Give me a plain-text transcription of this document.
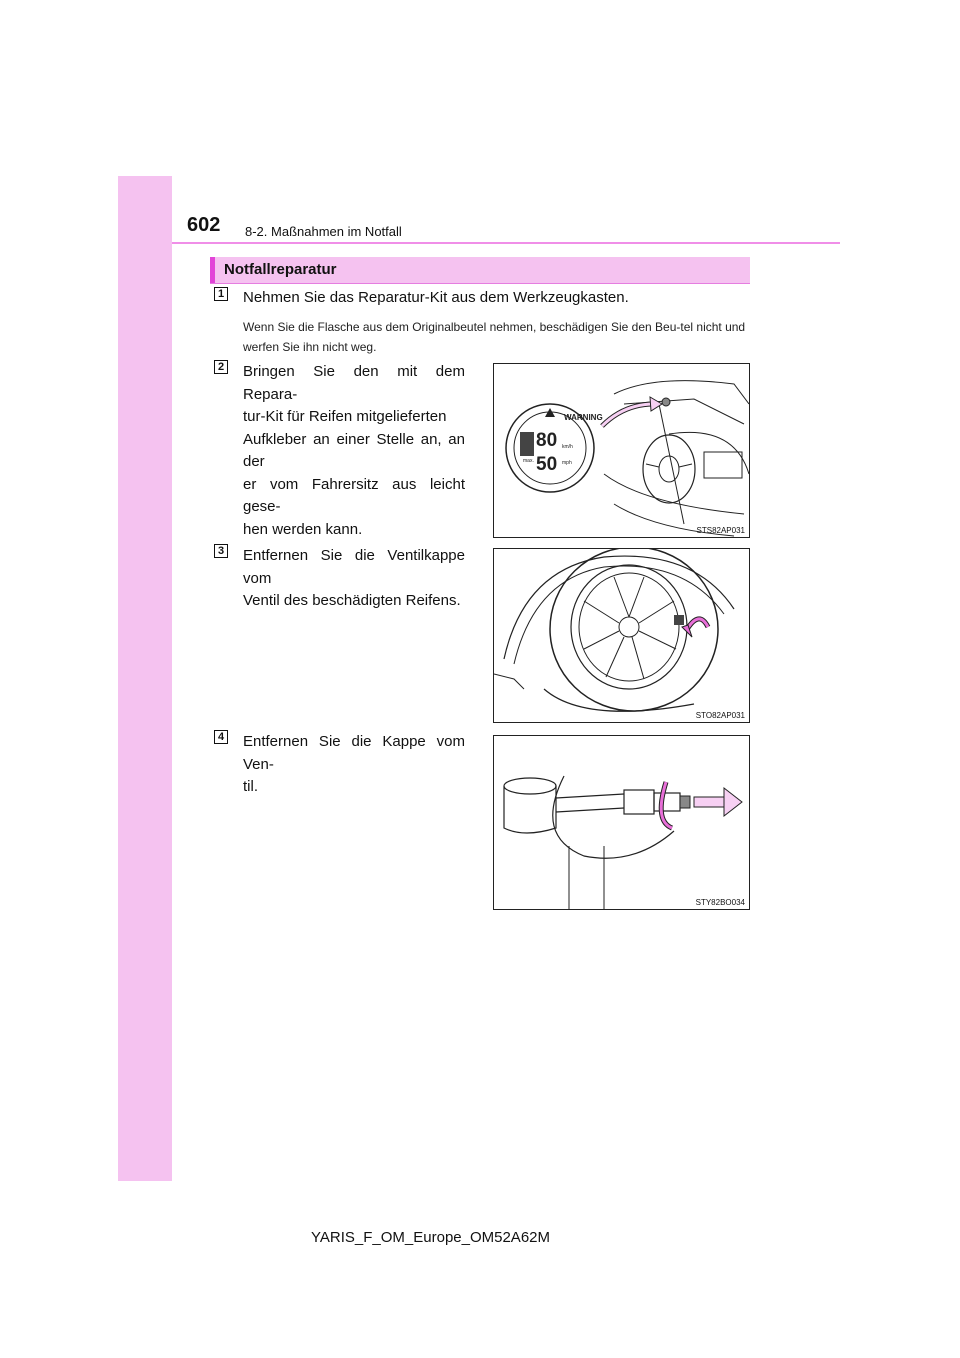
602 8-2. Maßnahmen im Notfall
Notfallreparatur
1 Nehmen Sie das Reparatur-Kit aus dem Werkzeugkasten.
Wenn Sie die Flasche aus dem Originalbeutel nehmen, beschädigen Sie den Beu-tel nicht und werfen Sie ihn nicht weg.
2 Bringen Sie den mit dem Repara-
tur-Kit für Reifen mitgelieferten
Aufkleber an einer Stelle an, an der
er vom Fahrersitz aus leicht gese-
hen werden kann.
WARNING
max.
80
50
km/h
mph
STS82AP031
3 Entfernen Sie die Ventilkappe vom
Ventil des beschädigten Reifens.
STO82AP031
4 Entfernen Sie die Kappe vom Ven-
til.
STY82BO034
YARIS_F_OM_Europe_OM52A62M
